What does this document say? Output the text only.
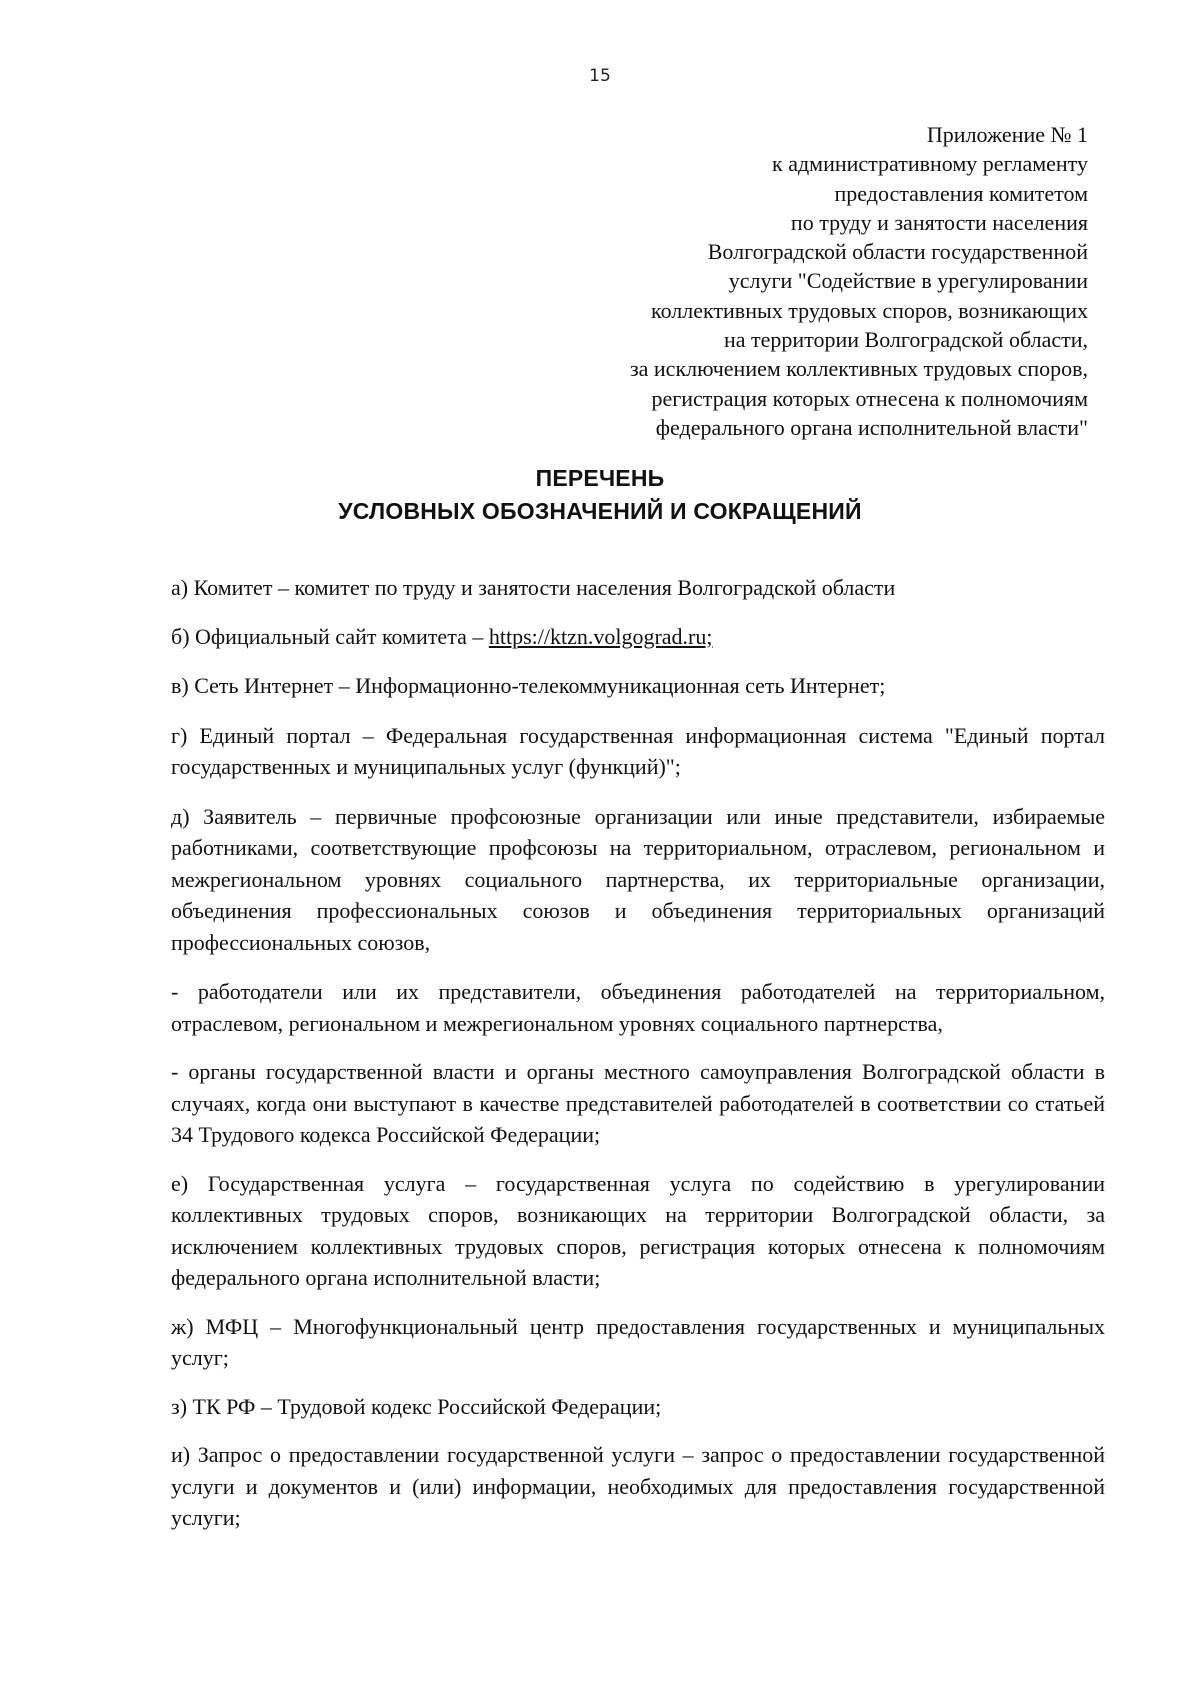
15
Приложение № 1
к административному регламенту
предоставления комитетом
по труду и занятости населения
Волгоградской области государственной
услуги "Содействие в урегулировании
коллективных трудовых споров, возникающих
на территории Волгоградской области,
за исключением коллективных трудовых споров,
регистрация которых отнесена к полномочиям
федерального органа исполнительной власти"
ПЕРЕЧЕНЬ
УСЛОВНЫХ ОБОЗНАЧЕНИЙ И СОКРАЩЕНИЙ

а) Комитет – комитет по труду и занятости населения Волгоградской области

б) Официальный сайт комитета – https://ktzn.volgograd.ru;

в) Сеть Интернет – Информационно-телекоммуникационная сеть Интернет;

г) Единый портал – Федеральная государственная информационная система "Единый портал государственных и муниципальных услуг (функций)";

д) Заявитель – первичные профсоюзные организации или иные представители, избираемые работниками, соответствующие профсоюзы на территориальном, отраслевом, региональном и межрегиональном уровнях социального партнерства, их территориальные организации, объединения профессиональных союзов и объединения территориальных организаций профессиональных союзов,

- работодатели или их представители, объединения работодателей на территориальном, отраслевом, региональном и межрегиональном уровнях социального партнерства,

- органы государственной власти и органы местного самоуправления Волгоградской области в случаях, когда они выступают в качестве представителей работодателей в соответствии со статьей 34 Трудового кодекса Российской Федерации;

е) Государственная услуга – государственная услуга по содействию в урегулировании коллективных трудовых споров, возникающих на территории Волгоградской области, за исключением коллективных трудовых споров, регистрация которых отнесена к полномочиям федерального органа исполнительной власти;

ж) МФЦ – Многофункциональный центр предоставления государственных и муниципальных услуг;

з) ТК РФ – Трудовой кодекс Российской Федерации;

и) Запрос о предоставлении государственной услуги – запрос о предоставлении государственной услуги и документов и (или) информации, необходимых для предоставления государственной услуги;
